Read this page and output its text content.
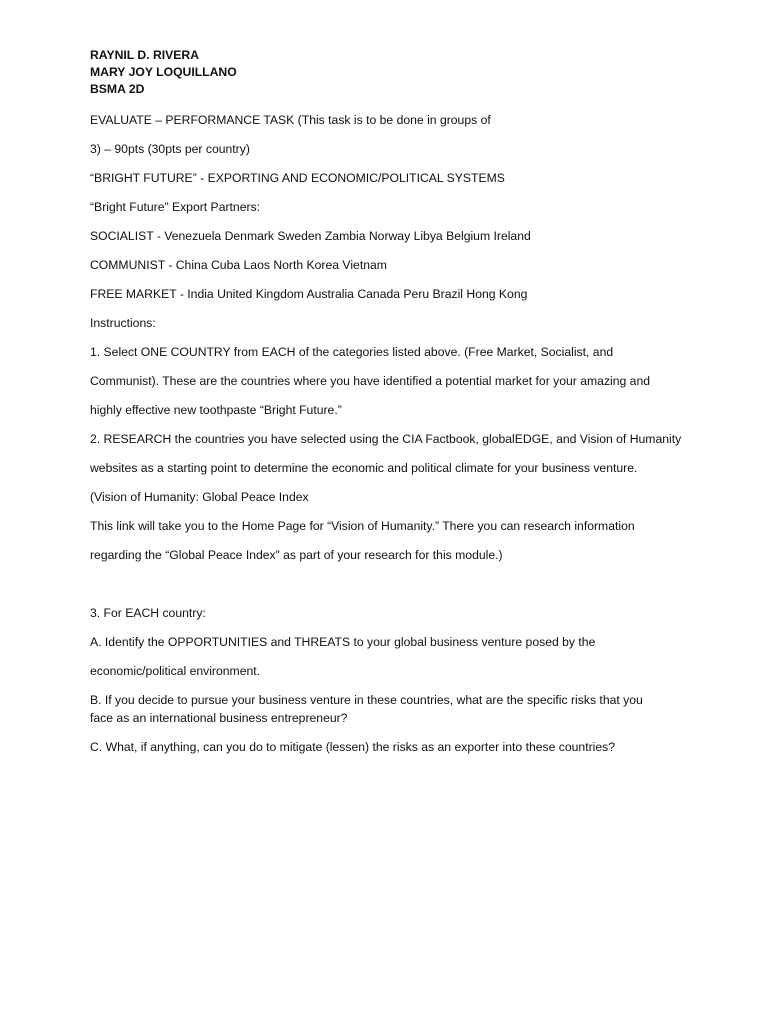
RAYNIL D. RIVERA

MARY JOY LOQUILLANO

BSMA 2D

EVALUATE – PERFORMANCE TASK (This task is to be done in groups of

3) – 90pts (30pts per country)

“BRIGHT FUTURE” - EXPORTING AND ECONOMIC/POLITICAL SYSTEMS

“Bright Future” Export Partners:

SOCIALIST - Venezuela Denmark Sweden Zambia Norway Libya Belgium Ireland

COMMUNIST - China Cuba Laos North Korea Vietnam

FREE MARKET - India United Kingdom Australia Canada Peru Brazil Hong Kong

Instructions:

1. Select ONE COUNTRY from EACH of the categories listed above. (Free Market, Socialist, and

Communist). These are the countries where you have identified a potential market for your amazing and

highly effective new toothpaste “Bright Future.”

2. RESEARCH the countries you have selected using the CIA Factbook, globalEDGE, and Vision of Humanity

websites as a starting point to determine the economic and political climate for your business venture.

(Vision of Humanity: Global Peace Index

This link will take you to the Home Page for “Vision of Humanity.” There you can research information

regarding the “Global Peace Index” as part of your research for this module.)

3. For EACH country:

A. Identify the OPPORTUNITIES and THREATS to your global business venture posed by the

economic/political environment.

B. If you decide to pursue your business venture in these countries, what are the specific risks that you

face as an international business entrepreneur?

C. What, if anything, can you do to mitigate (lessen) the risks as an exporter into these countries?
